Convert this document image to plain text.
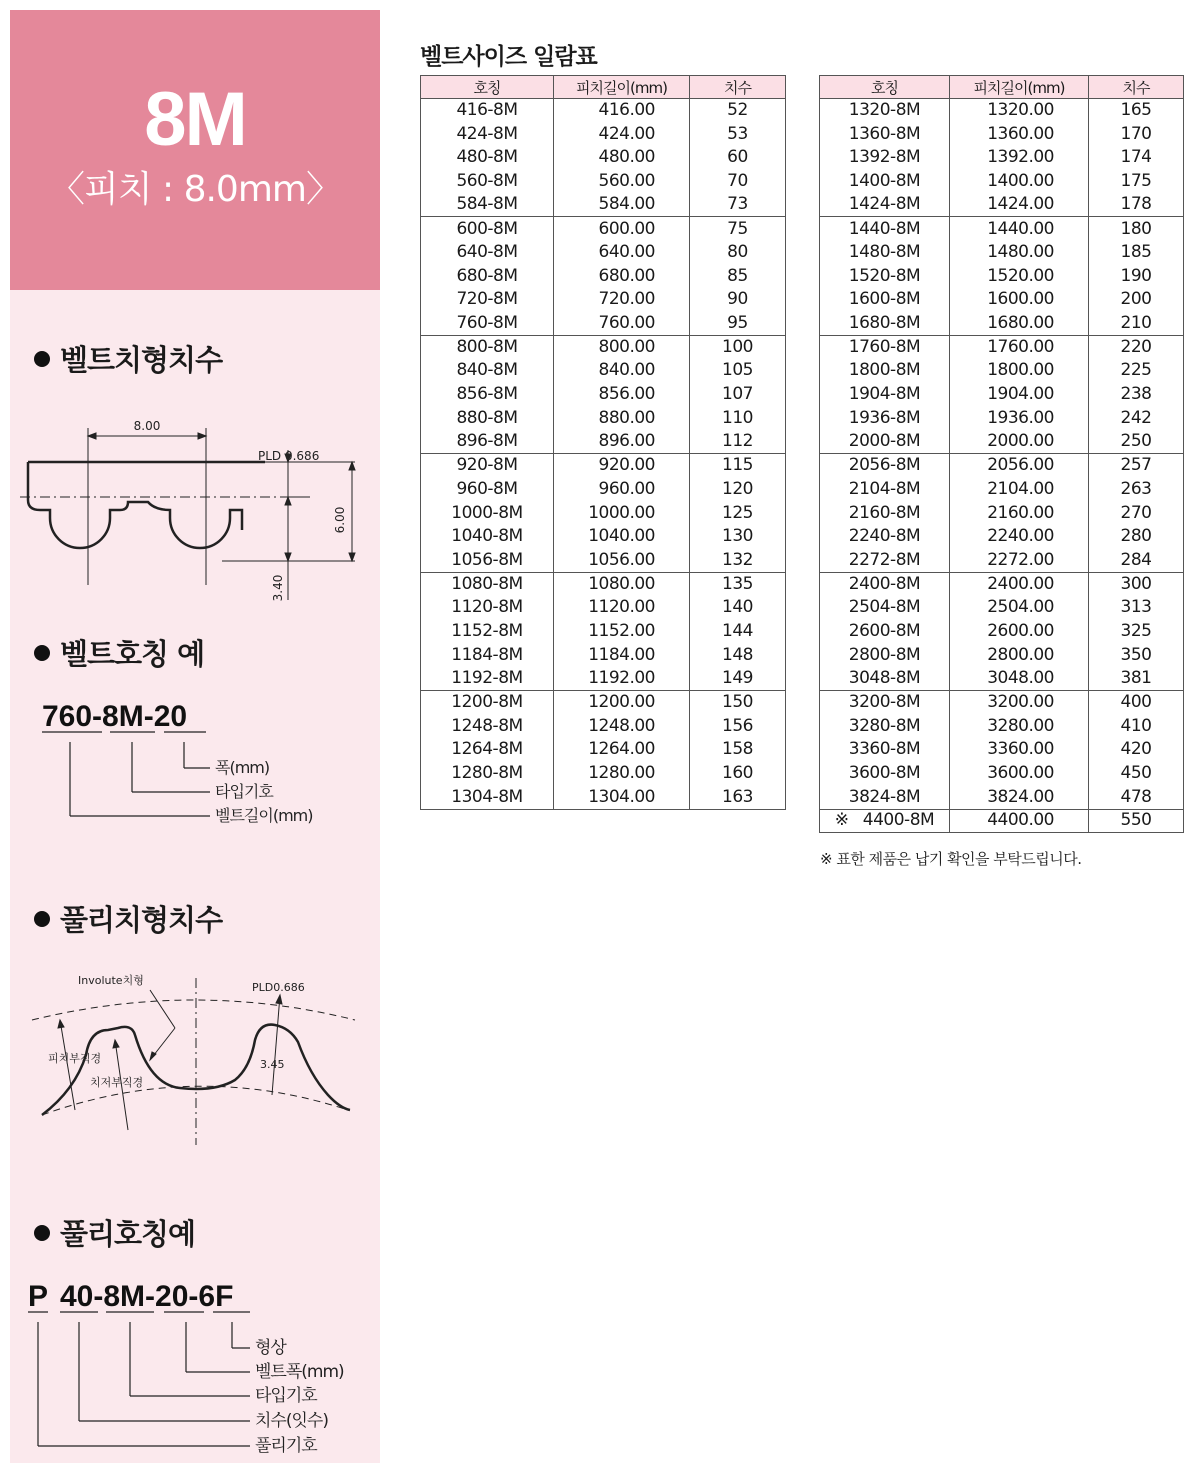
8M
〈피치 : 8.0mm〉
벨트치형치수
8.00
PLD 0.686
6.00
3.40
벨트호칭 예
760-8M-20
폭(mm)
타입기호
벨트길이(mm)
풀리치형치수
Involute치형
PLD0.686
피치부직경
치저부직경
3.45
풀리호칭예
P 40-8M-20-6F
형상
벨트폭(mm)
타입기호
치수(잇수)
풀리기호
벨트사이즈 일람표
호칭	피치길이(mm)	치수
416-8M	416.00	52
424-8M	424.00	53
480-8M	480.00	60
560-8M	560.00	70
584-8M	584.00	73
600-8M	600.00	75
640-8M	640.00	80
680-8M	680.00	85
720-8M	720.00	90
760-8M	760.00	95
800-8M	800.00	100
840-8M	840.00	105
856-8M	856.00	107
880-8M	880.00	110
896-8M	896.00	112
920-8M	920.00	115
960-8M	960.00	120
1000-8M	1000.00	125
1040-8M	1040.00	130
1056-8M	1056.00	132
1080-8M	1080.00	135
1120-8M	1120.00	140
1152-8M	1152.00	144
1184-8M	1184.00	148
1192-8M	1192.00	149
1200-8M	1200.00	150
1248-8M	1248.00	156
1264-8M	1264.00	158
1280-8M	1280.00	160
1304-8M	1304.00	163
호칭	피치길이(mm)	치수
1320-8M	1320.00	165
1360-8M	1360.00	170
1392-8M	1392.00	174
1400-8M	1400.00	175
1424-8M	1424.00	178
1440-8M	1440.00	180
1480-8M	1480.00	185
1520-8M	1520.00	190
1600-8M	1600.00	200
1680-8M	1680.00	210
1760-8M	1760.00	220
1800-8M	1800.00	225
1904-8M	1904.00	238
1936-8M	1936.00	242
2000-8M	2000.00	250
2056-8M	2056.00	257
2104-8M	2104.00	263
2160-8M	2160.00	270
2240-8M	2240.00	280
2272-8M	2272.00	284
2400-8M	2400.00	300
2504-8M	2504.00	313
2600-8M	2600.00	325
2800-8M	2800.00	350
3048-8M	3048.00	381
3200-8M	3200.00	400
3280-8M	3280.00	410
3360-8M	3360.00	420
3600-8M	3600.00	450
3824-8M	3824.00	478
※ 4400-8M	4400.00	550
※ 표한 제품은 납기 확인을 부탁드립니다.
